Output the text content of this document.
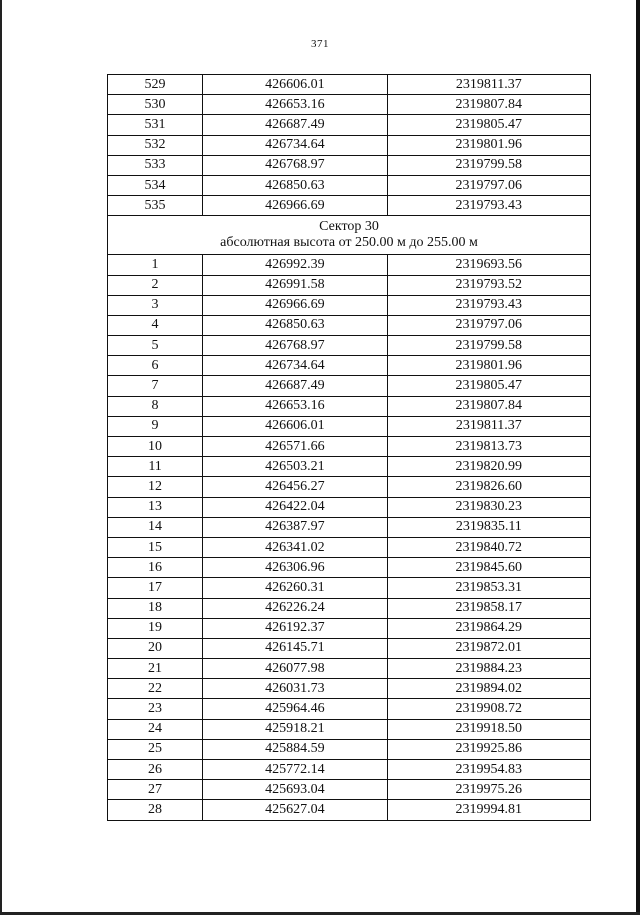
371
529	426606.01	2319811.37
530	426653.16	2319807.84
531	426687.49	2319805.47
532	426734.64	2319801.96
533	426768.97	2319799.58
534	426850.63	2319797.06
535	426966.69	2319793.43

Сектор 30
абсолютная высота от 250.00 м до 255.00 м		

1	426992.39	2319693.56
2	426991.58	2319793.52
3	426966.69	2319793.43
4	426850.63	2319797.06
5	426768.97	2319799.58
6	426734.64	2319801.96
7	426687.49	2319805.47
8	426653.16	2319807.84
9	426606.01	2319811.37
10	426571.66	2319813.73
11	426503.21	2319820.99
12	426456.27	2319826.60
13	426422.04	2319830.23
14	426387.97	2319835.11
15	426341.02	2319840.72
16	426306.96	2319845.60
17	426260.31	2319853.31
18	426226.24	2319858.17
19	426192.37	2319864.29
20	426145.71	2319872.01
21	426077.98	2319884.23
22	426031.73	2319894.02
23	425964.46	2319908.72
24	425918.21	2319918.50
25	425884.59	2319925.86
26	425772.14	2319954.83
27	425693.04	2319975.26
28	425627.04	2319994.81
